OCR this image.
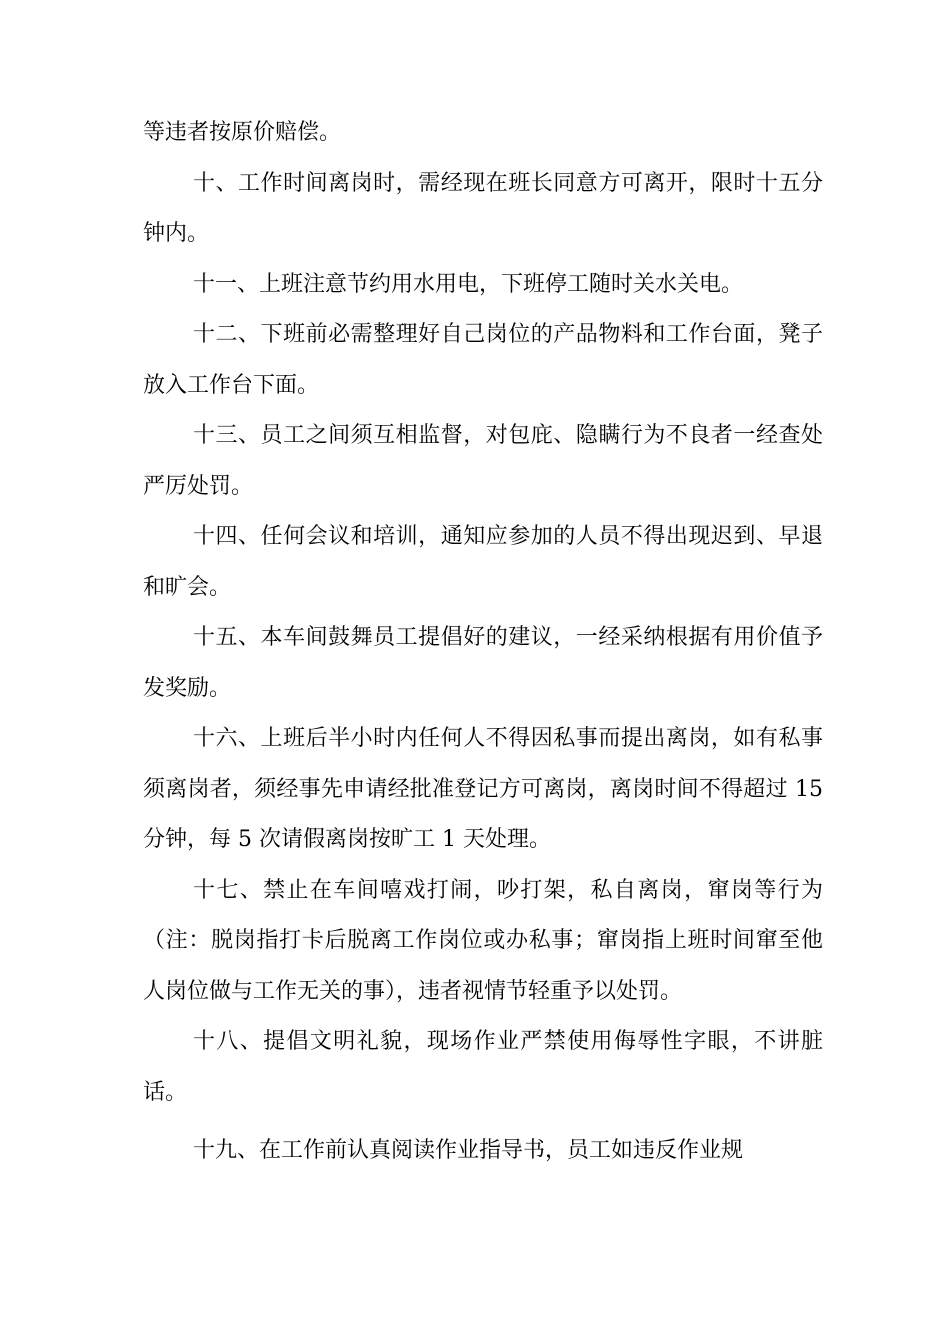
等违者按原价赔偿。

十、工作时间离岗时，需经现在班长同意方可离开，限时十五分钟内。

十一、上班注意节约用水用电，下班停工随时关水关电。

十二、下班前必需整理好自己岗位的产品物料和工作台面，凳子放入工作台下面。

十三、员工之间须互相监督，对包庇、隐瞒行为不良者一经查处严厉处罚。

十四、任何会议和培训，通知应参加的人员不得出现迟到、早退和旷会。

十五、本车间鼓舞员工提倡好的建议，一经采纳根据有用价值予发奖励。

十六、上班后半小时内任何人不得因私事而提出离岗，如有私事须离岗者，须经事先申请经批准登记方可离岗，离岗时间不得超过 15 分钟，每 5 次请假离岗按旷工 1 天处理。

十七、禁止在车间嘻戏打闹，吵打架，私自离岗，窜岗等行为（注：脱岗指打卡后脱离工作岗位或办私事；窜岗指上班时间窜至他人岗位做与工作无关的事），违者视情节轻重予以处罚。

十八、提倡文明礼貌，现场作业严禁使用侮辱性字眼，不讲脏话。

十九、在工作前认真阅读作业指导书，员工如违反作业规
